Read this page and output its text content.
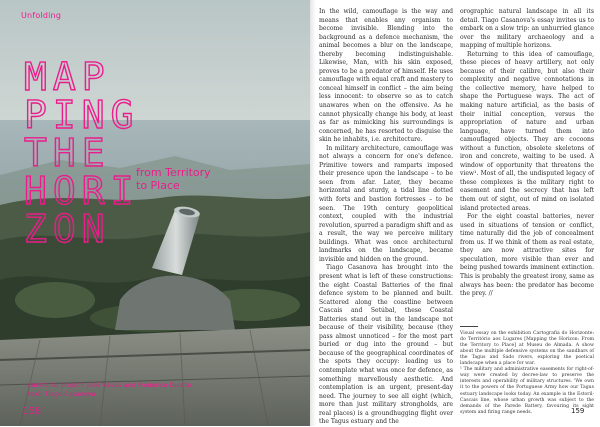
Unfolding
MAP
PING
THE
HORI
ZON
from Territory
to Place
curatorial project: José Neves and Frederico Duarte
text: Tiago Casanova
158

In the wild, camouflage is the way and means that enables any organism to become invisible. Blending into the background as a defence mechanism, the animal becomes a blur on the landscape, thereby becoming indistinguishable. Likewise, Man, with his skin exposed, proves to be a predator of himself. He uses camouflage with equal craft and mastery to conceal himself in conflict – the aim being less innocent: to observe so as to catch unawares when on the offensive. As he cannot physically change his body, at least as far as mimicking his surroundings is concerned, he has resorted to disguise the skin he inhabits, i.e. architecture.

In military architecture, camouflage was not always a concern for one's defence. Primitive towers and ramparts imposed their presence upon the landscape – to be seen from afar. Later, they became horizontal and sturdy, a tidal line dotted with forts and bastion fortresses – to be seen. The 19th century geopolitical context, coupled with the industrial revolution, spurred a paradigm shift and as a result, the way we perceive military buildings. What was once architectural landmarks on the landscape, became invisible and hidden on the ground.

Tiago Casanova has brought into the present what is left of these constructions: the eight Coastal Batteries of the final defence system to be planned and built. Scattered along the coastline between Cascais and Setúbal, these Coastal Batteries stand out in the landscape not because of their visibility, because (they pass almost unnoticed – for the most part buried or dug into the ground – but because of the geographical coordinates of the spots they occupy: leading us to contemplate what was once for defence, as something marvellously aesthetic. And contemplation is an urgent, present-day need. The journey to see all eight (which, more than just military strongholds, are real places) is a groundhugging flight over the Tagus estuary and the

orographic natural landscape in all its detail. Tiago Casanova's essay invites us to embark on a slow trip: an unhurried glance over the military archaeology and a mapping of multiple horizons.

Returning to this idea of camouflage, these pieces of heavy artillery, not only because of their calibre, but also their complexity and negative connotations in the collective memory, have helped to shape the Portuguese ways. The act of making nature artificial, as the basis of their initial conception, versus the appropriation of nature and urban language, have turned them into camouflaged objects. They are cocoons without a function, obsolete skeletons of iron and concrete, waiting to be used. A window of opportunity that threatens the view¹. Most of all, the undisputed legacy of these complexes is the military right to easement and the secrecy that has left them out of sight, out of mind on isolated island protected areas.

For the eight coastal batteries, never used in situations of tension or conflict, time naturally did the job of concealment from us. If we think of them as real estate, they are now attractive sites for speculation, more visible than ever and being pushed towards imminent extinction. This is probably the greatest irony, same as always has been: the predator has become the prey. //

Visual essay on the exhibition Cartografia do Horizonte: do Território aos Lugares [Mapping the Horizon: From the Territory to Place] at Museu de Almada. A show about the multiple defensive systems on the sandbars of the Tagus and Sado rivers, exploring the poetical landscape when a place for war.
¹ The military and administrative easements for right-of-way were created by decree-law to preserve the interests and operability of military structures. 'We own it to the powers of the Portuguese Army how our Tagus estuary landscape looks today. An example is the Estoril-Cascais line, whose urban growth was subject to the demands of the Parede Battery, favouring its sight system and firing range needs.	159
